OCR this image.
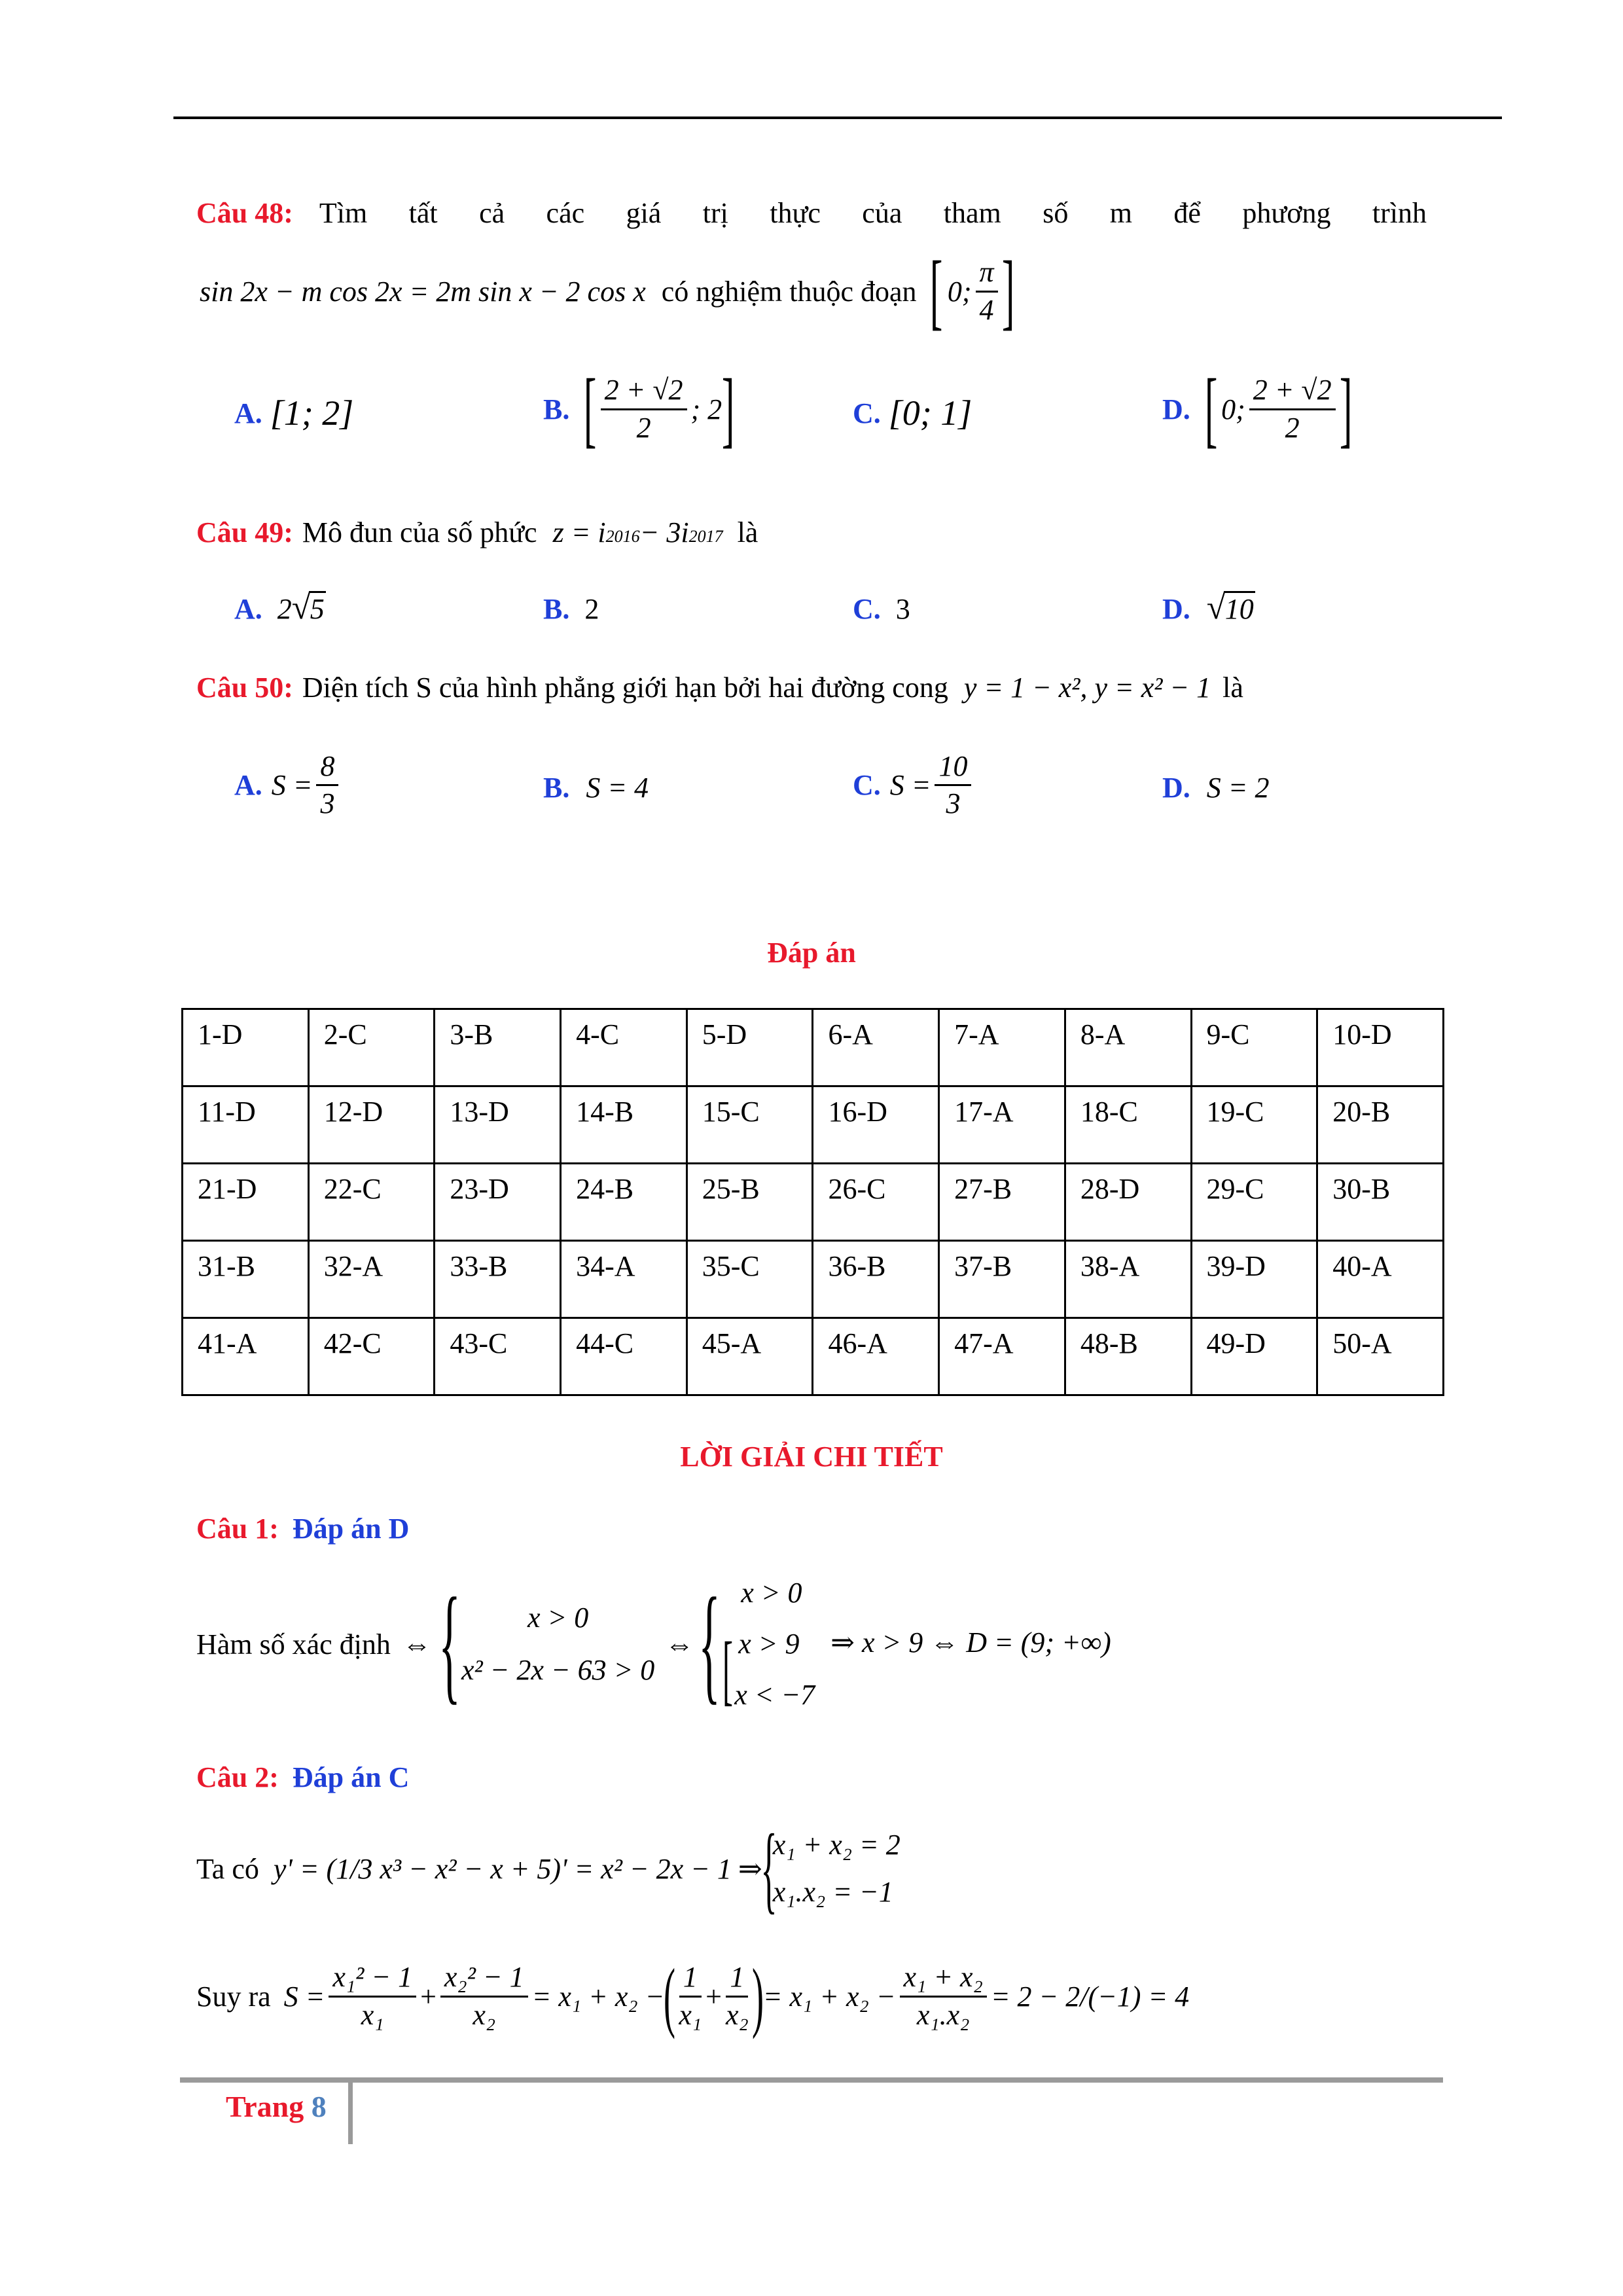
Câu 48: Tìm tất cả các giá trị thực của tham số m để phương trình
sin 2x − m cos 2x = 2m sin x − 2 cos x có nghiệm thuộc đoạn [ 0; $\frac{\pi}{4}$ ]
A. [1; 2]	B. [ $\frac{2 + √2}{2}$ ; 2 ]	C. [0; 1]	D. [ 0; $\frac{2 + √2}{2}$ ]
Câu 49: Mô đun của số phức z = i 2016 − 3i 2017 là
A. 2 √ 5	B. 2	C. 3	D. √ 10
Câu 50: Diện tích S của hình phẳng giới hạn bởi hai đường cong y = 1 − x², y = x² − 1 là
A. $S = \frac{8}{3}$	B. S = 4	C. $S = \frac{10}{3}$	D. S = 2
Đáp án
1-D	2-C	3-B	4-C	5-D	6-A	7-A	8-A	9-C	10-D
11-D	12-D	13-D	14-B	15-C	16-D	17-A	18-C	19-C	20-B
21-D	22-C	23-D	24-B	25-B	26-C	27-B	28-D	29-C	30-B
31-B	32-A	33-B	34-A	35-C	36-B	37-B	38-A	39-D	40-A
41-A	42-C	43-C	44-C	45-A	46-A	47-A	48-B	49-D	50-A
LỜI GIẢI CHI TIẾT
Câu 1: Đáp án D
Hàm số xác định ⇔ { x > 0
x² − 2x − 63 > 0
⇔ { x > 0
[ x > 9
x < −7
⇒ x > 9 ⇔ D = (9; +∞)
Câu 2: Đáp án C
Ta có y' = (1/3 x³ − x² − x + 5)' = x² − 2x − 1 ⇒
{
x₁ + x₂ = 2
x₁.x₂ = −1
Suy ra $S = \frac{\text{x₁² − 1}}{\text{x₁}} + \frac{\text{x₂² − 1}}{\text{x₂}} = x_1 + x_2$ −
( $\frac{1}{\text{x₁}} + \frac{1}{\text{x₂}}$ )
= $x_1 + x_2 - \frac{\text{x₁ + x₂}}{\text{x₁.x₂}} = 2 - 2/(-1) = 4$
Trang 8
